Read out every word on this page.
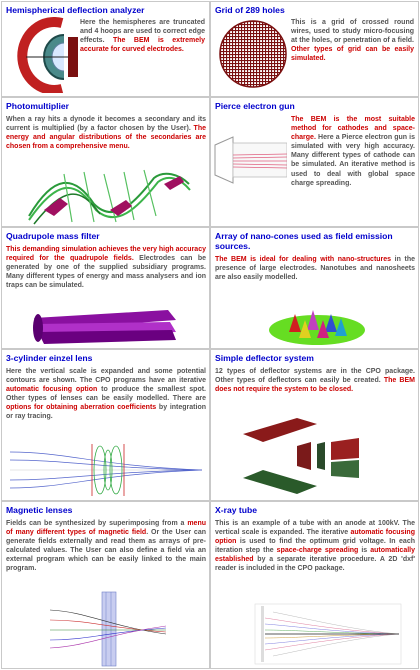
Hemispherical deflection analyzer
Here the hemispheres are truncated and 4 hoops are used to correct edge effects. The BEM is extremely accurate for curved electrodes.
Grid of 289 holes
This is a grid of crossed round wires, used to study micro-focusing at the holes, or penetration of a field. Other types of grid can be easily simulated.
Photomultiplier
When a ray hits a dynode it becomes a secondary and its current is multiplied (by a factor chosen by the User). The energy and angular distributions of the secondaries are chosen from a comprehensive menu.
Pierce electron gun
The BEM is the most suitable method for cathodes and space-charge. Here a Pierce electron gun is simulated with very high accuracy. Many different types of cathode can be simulated. An iterative method is used to deal with global space charge spreading.
Quadrupole mass filter
This demanding simulation achieves the very high accuracy required for the quadrupole fields. Electrodes can be generated by one of the supplied subsidiary programs. Many different types of energy and mass analysers and ion traps can be simulated.
Array of nano-cones used as field emission sources.
The BEM is ideal for dealing with nano-structures in the presence of large electrodes. Nanotubes and nanosheets are also easily modelled.
3-cylinder einzel lens
Here the vertical scale is expanded and some potential contours are shown. The CPO programs have an iterative automatic focusing option to produce the smallest spot. Other types of lenses can be easily modelled. There are options for obtaining aberration coefficients by integration or ray tracing.
Simple deflector system
12 types of deflector systems are in the CPO package. Other types of deflectors can easily be created. The BEM does not require the system to be closed.
Magnetic lenses
Fields can be synthesized by superimposing from a menu of many different types of magnetic field. Or the User can generate fields externally and read them as arrays of pre-calculated values. The User can also define a field via an external program which can be easily linked to the main program.
X-ray tube
This is an example of a tube with an anode at 100kV. The vertical scale is expanded. The iterative automatic focusing option is used to find the optimum grid voltage. In each iteration step the space-charge spreading is automatically established by a separate iterative procedure. A 2D 'dxf' reader is included in the CPO package.
